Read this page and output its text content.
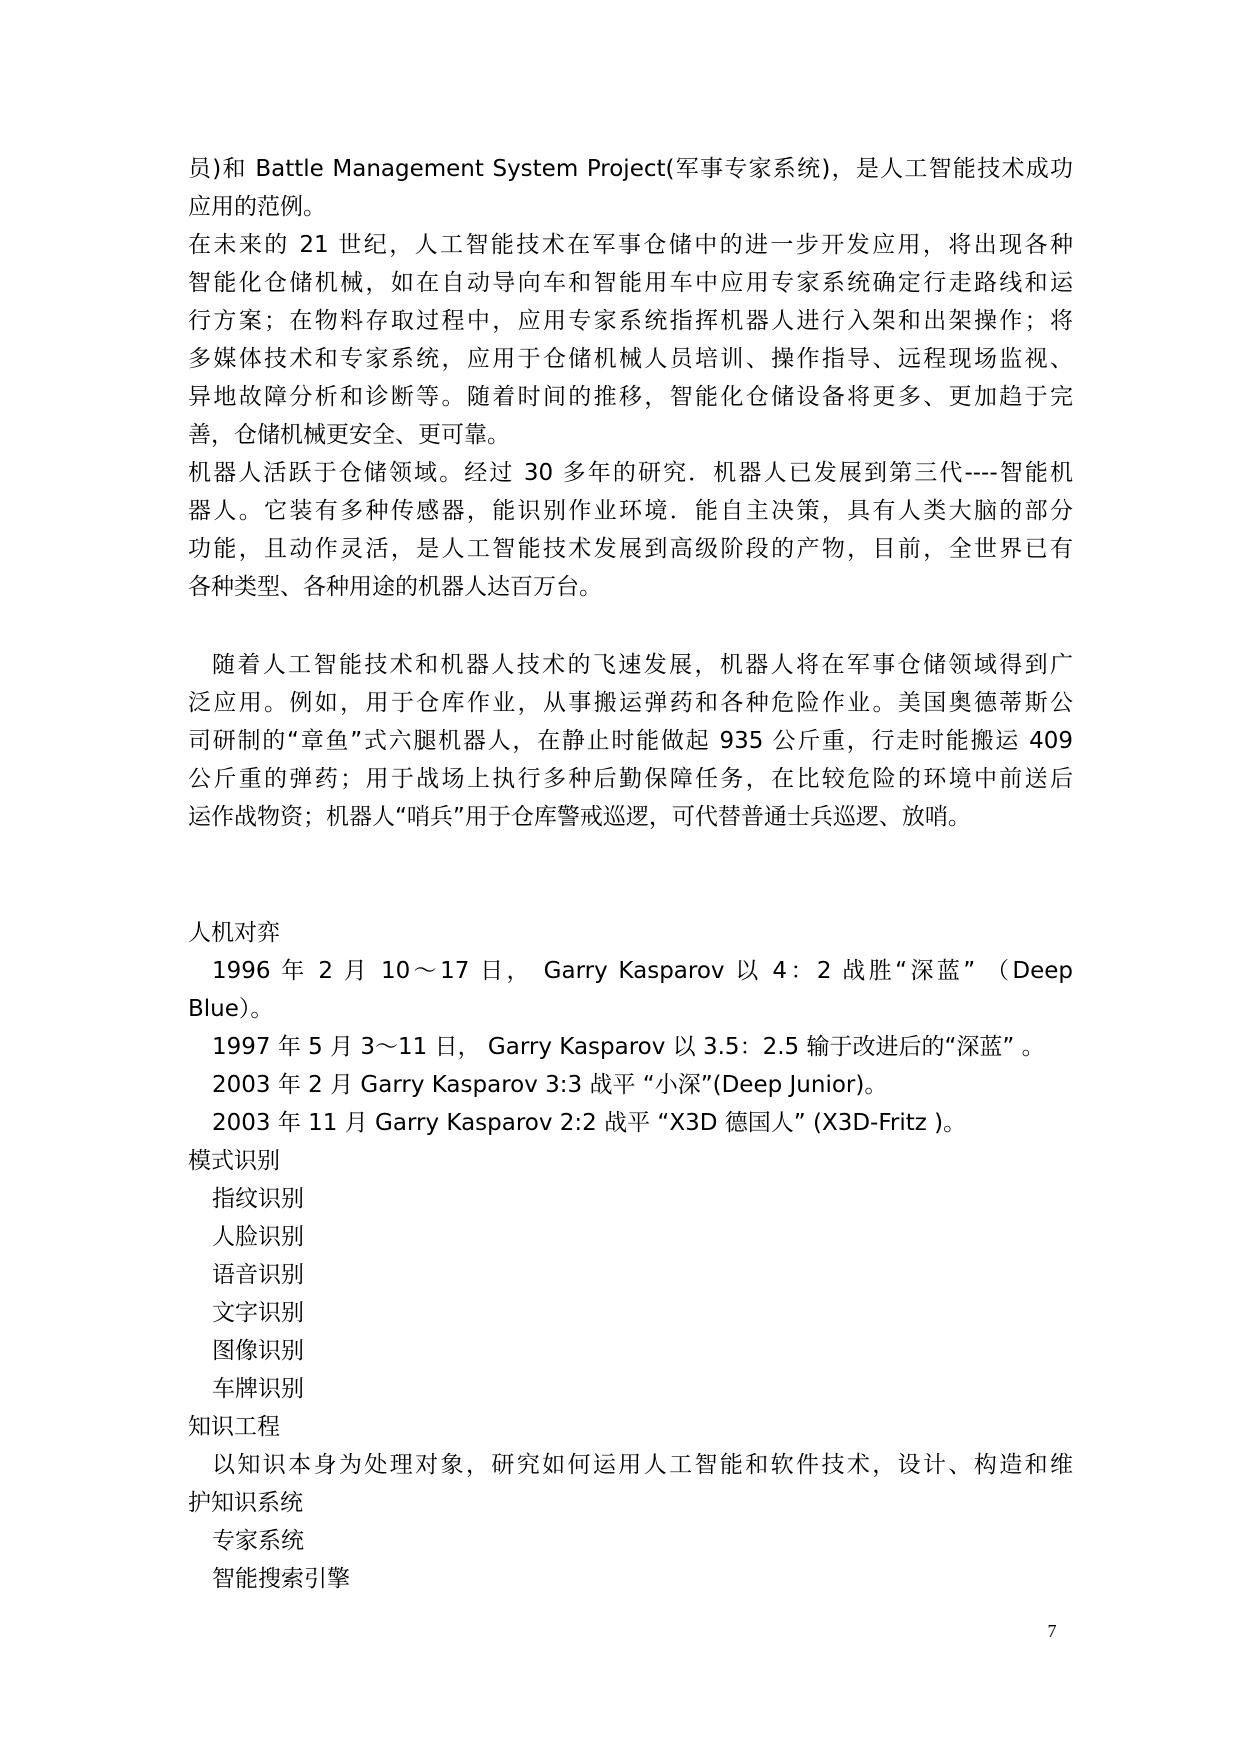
员)和 Battle Management System Project(军事专家系统)，是人工智能技术成功
应用的范例。
在未来的 21 世纪，人工智能技术在军事仓储中的进一步开发应用，将出现各种
智能化仓储机械，如在自动导向车和智能用车中应用专家系统确定行走路线和运
行方案；在物料存取过程中，应用专家系统指挥机器人进行入架和出架操作；将
多媒体技术和专家系统，应用于仓储机械人员培训、操作指导、远程现场监视、
异地故障分析和诊断等。随着时间的推移，智能化仓储设备将更多、更加趋于完
善，仓储机械更安全、更可靠。
机器人活跃于仓储领域。经过 30 多年的研究．机器人已发展到第三代----智能机
器人。它装有多种传感器，能识别作业环境．能自主决策，具有人类大脑的部分
功能，且动作灵活，是人工智能技术发展到高级阶段的产物，目前，全世界已有
各种类型、各种用途的机器人达百万台。
随着人工智能技术和机器人技术的飞速发展，机器人将在军事仓储领域得到广
泛应用。例如，用于仓库作业，从事搬运弹药和各种危险作业。美国奥德蒂斯公
司研制的“章鱼”式六腿机器人，在静止时能做起 935 公斤重，行走时能搬运 409
公斤重的弹药；用于战场上执行多种后勤保障任务，在比较危险的环境中前送后
运作战物资；机器人“哨兵”用于仓库警戒巡逻，可代替普通士兵巡逻、放哨。
人机对弈
1996 年 2 月 10～17 日， Garry Kasparov 以 4：2 战胜“深蓝” （Deep
Blue）。
1997 年 5 月 3～11 日， Garry Kasparov 以 3.5：2.5 输于改进后的“深蓝” 。
2003 年 2 月 Garry Kasparov 3:3 战平 “小深”(Deep Junior)。
2003 年 11 月 Garry Kasparov 2:2 战平 “X3D 德国人” (X3D-Fritz )。
模式识别
指纹识别
人脸识别
语音识别
文字识别
图像识别
车牌识别
知识工程
以知识本身为处理对象，研究如何运用人工智能和软件技术，设计、构造和维
护知识系统
专家系统
智能搜索引擎
7
